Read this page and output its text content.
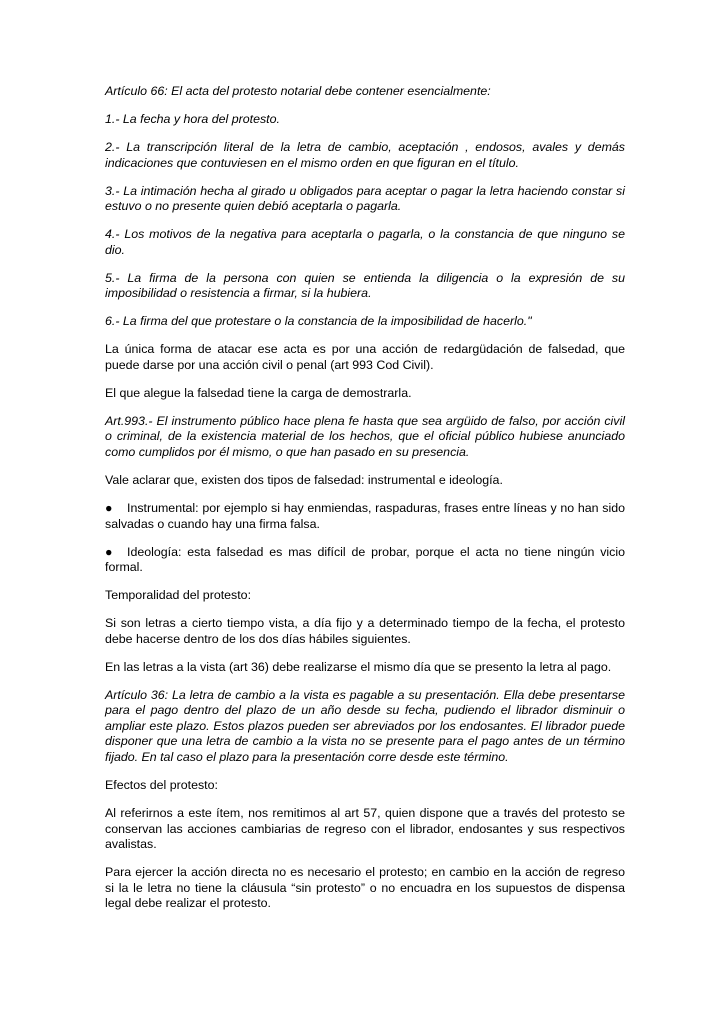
Artículo 66: El acta del protesto notarial debe contener esencialmente:

1.- La fecha y hora del protesto.

2.- La transcripción literal de la letra de cambio, aceptación , endosos, avales y demás indicaciones que contuviesen en el mismo orden en que figuran en el título.

3.- La intimación hecha al girado u obligados para aceptar o pagar la letra haciendo constar si estuvo o no presente quien debió aceptarla o pagarla.

4.- Los motivos de la negativa para aceptarla o pagarla, o la constancia de que ninguno se dio.

5.- La firma de la persona con quien se entienda la diligencia o la expresión de su imposibilidad o resistencia a firmar, si la hubiera.

6.- La firma del que protestare o la constancia de la imposibilidad de hacerlo."

La única forma de atacar ese acta es por una acción de redargüdación de falsedad, que puede darse por una acción civil o penal (art 993 Cod Civil).

El que alegue la falsedad tiene la carga de demostrarla.

Art.993.- El instrumento público hace plena fe hasta que sea argüido de falso, por acción civil o criminal, de la existencia material de los hechos, que el oficial público hubiese anunciado como cumplidos por él mismo, o que han pasado en su presencia.

Vale aclarar que, existen dos tipos de falsedad: instrumental e ideología.

● Instrumental: por ejemplo si hay enmiendas, raspaduras, frases entre líneas y no han sido salvadas o cuando hay una firma falsa.

● Ideología: esta falsedad es mas difícil de probar, porque el acta no tiene ningún vicio formal.

Temporalidad del protesto:

Si son letras a cierto tiempo vista, a día fijo y a determinado tiempo de la fecha, el protesto debe hacerse dentro de los dos días hábiles siguientes.

En las letras a la vista (art 36) debe realizarse el mismo día que se presento la letra al pago.

Artículo 36: La letra de cambio a la vista es pagable a su presentación. Ella debe presentarse para el pago dentro del plazo de un año desde su fecha, pudiendo el librador disminuir o ampliar este plazo. Estos plazos pueden ser abreviados por los endosantes. El librador puede disponer que una letra de cambio a la vista no se presente para el pago antes de un término fijado. En tal caso el plazo para la presentación corre desde este término.

Efectos del protesto:

Al referirnos a este ítem, nos remitimos al art 57, quien dispone que a través del protesto se conservan las acciones cambiarias de regreso con el librador, endosantes y sus respectivos avalistas.

Para ejercer la acción directa no es necesario el protesto; en cambio en la acción de regreso si la le letra no tiene la cláusula “sin protesto” o no encuadra en los supuestos de dispensa legal debe realizar el protesto.
